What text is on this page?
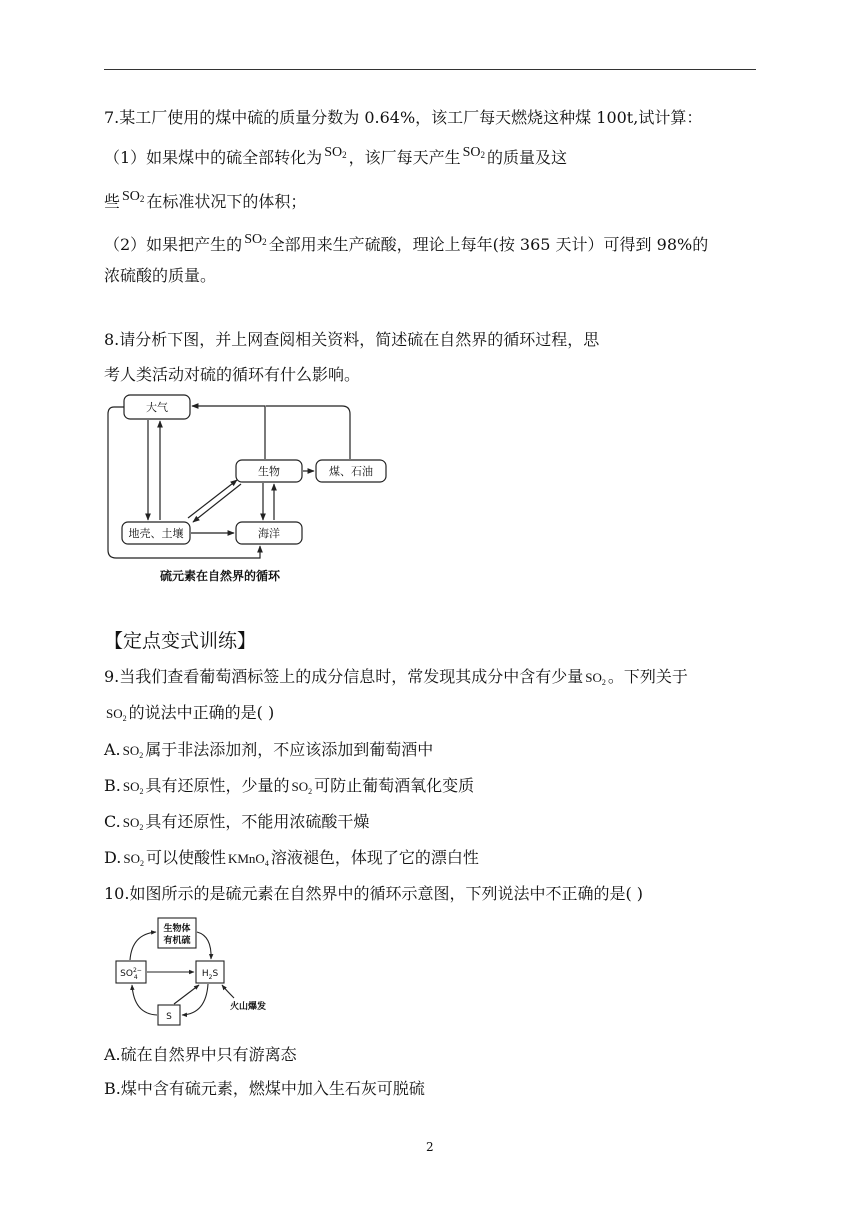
7.某工厂使用的煤中硫的质量分数为 0.64%，该工厂每天燃烧这种煤 100t,试计算：
（1）如果煤中的硫全部转化为 $SO_2$ ，该厂每天产生 $SO_2$ 的质量及这
些 $SO_2$ 在标准状况下的体积；
（2）如果把产生的 $SO_2$ 全部用来生产硫酸，理论上每年(按 365 天计）可得到 98%的
浓硫酸的质量。
8.请分析下图，并上网查阅相关资料，简述硫在自然界的循环过程，思
考人类活动对硫的循环有什么影响。
大气
生物	煤、石油
地壳、土壤	海洋
硫元素在自然界的循环
【定点变式训练】
9.当我们查看葡萄酒标签上的成分信息时，常发现其成分中含有少量 $SO_2$ 。下列关于
$SO_2$ 的说法中正确的是( )
A. $SO_2$ 属于非法添加剂，不应该添加到葡萄酒中
B. $SO_2$ 具有还原性，少量的 $SO_2$ 可防止葡萄酒氧化变质
C. $SO_2$ 具有还原性，不能用浓硫酸干燥
D. $SO_2$ 可以使酸性 KMnO$_4$ 溶液褪色，体现了它的漂白性
10.如图所示的是硫元素在自然界中的循环示意图，下列说法中不正确的是( )
生物体
有机硫
$SO^{2-}$ 4	$H_2S$
S
火山爆发
A.硫在自然界中只有游离态
B.煤中含有硫元素，燃煤中加入生石灰可脱硫
2
